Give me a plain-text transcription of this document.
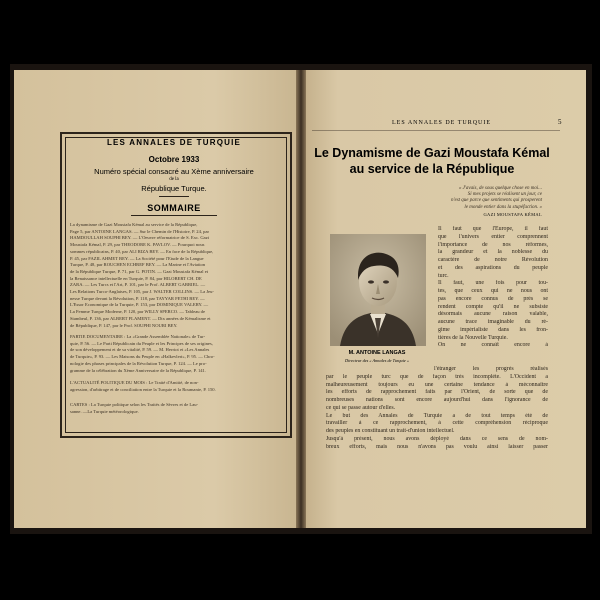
LES ANNALES DE TURQUIE
Octobre 1933
Numéro spécial consacré au Xème anniversaire
de la
République Turque.
SOMMAIRE
La dynamisme de Gazi Moustafa Kémal au service de la République,
Page 5, par ANTOINE LANGAS. — Sur le Chemin de l'Histoire, P. 24, par
HAMDOULLAH SOUPHI BEY. — L'Oeuvre réformatrice de S. Exc. Gazi
Moustafa Kémal, P. 29, par THEODORE K. PAVLOV. — Pourquoi nous
sommes républicains, P. 40, par ALI RIZA BEY. — En face de la République,
P. 45, par FAZIL AHMET BEY. — La Société pour l'Etude de la Langue
Turque, P. 48, par ROUCHEN ECHREF BEY. — La Marine et l'Aviation
de la République Turque, P. 71, par G. POTIN. — Gazi Moustafa Kémal et
la Renaissance intellectuelle en Turquie, P. 84, par HILOBERT CH. DE
ZARA. — Les Turcs et l'Art, P. 101, par le Prof. ALBERT GABRIEL. —
Les Relations Turco-Anglaises, P. 105, par J. WALTER COLLINS. — La Jeu-
nesse Turque devant la Révolution, P. 118, par TAYYAR FETHI BEY. —
L'Essor Economique de la Turquie, P. 153, par DOMINIQUE VALERY. —
La Femme Turque Moderne, P. 120, par WILLY SPERCO. — Tableau de
Stambeul, P. 136, par ALBERT FLAMENT. — Dix années de Kémalisme et
de République, P. 147, par le Prof. SOUPHI NOURI BEY.
PARTIE DOCUMENTAIRE : La «Grande Assemblée Nationale» de Tur-
quie, P. 56. — Le Parti Républicain du Peuple et les Principes de ses origines,
de son développement et de sa vitalité, P. 59. — M. Herriot et «Les Annales
de Turquie», P. 93. — Les Maisons du Peuple en «Halkevleri», P. 95. — Chro-
nologie des phases principales de la Révolution Turque, P. 124. — Le pro-
gramme de la célébration du Xème Anniversaire de la République, P. 141.
L'ACTUALITÉ POLITIQUE DU MOIS : Le Traité d'Amitié, de non-
agression, d'arbitrage et de conciliation entre la Turquie et la Roumanie, P. 150.
CARTES : La Turquie politique selon les Traités de Sèvres et de Lau-
sanne. —La Turquie météorologique.
LES ANNALES DE TURQUIE	5
Le Dynamisme de Gazi Moustafa Kémal
au service de la République
« J'avais, de sous quelque chose en moi...
Si mes projets se réalisent un jour, ce
n'est que parce que sentiments qui prosperent
le monde entier dans la stupéfaction. »
GAZI MOUSTAFA KÉMAL
M. ANTOINE LANGAS
Directeur des « Annales de Turquie »
Il faut que l'Europe, il faut
que l'univers entier comprennent
l'importance de nos réformes,
la grandeur et la noblesse du
caractère de notre Révolution
et des aspirations du peuple
turc.
Il faut, une fois pour tou-
tes, que ceux qui ne nous ont
pas encore connus de près se
rendent compte qu'il ne subsiste
désormais aucune raison valable,
aucune trace imaginable du ré-
gime impérialiste dans les fron-
tières de la Nouvelle Turquie.
On ne connaît encore à
l'étranger les progrès réalisés
par le peuple turc que de façon très incomplète. L'Occident a
malheureusement toujours eu une certaine tendance à méconnaître
les efforts de rapprochement faits par l'Orient, de sorte que de
nombreuses nations sont encore aujourd'hui dans l'ignorance de
ce qui se passe autour d'elles.
Le but des Annales de Turquie a de tout temps été de
travailler à ce rapprochement, à cette compréhension réciproque
des peuples en constituant un trait-d'union intellectuel.
Jusqu'à présent, nous avons déployé dans ce sens de nom-
breux efforts, mais nous n'avons pas voulu ainsi laisser passer
